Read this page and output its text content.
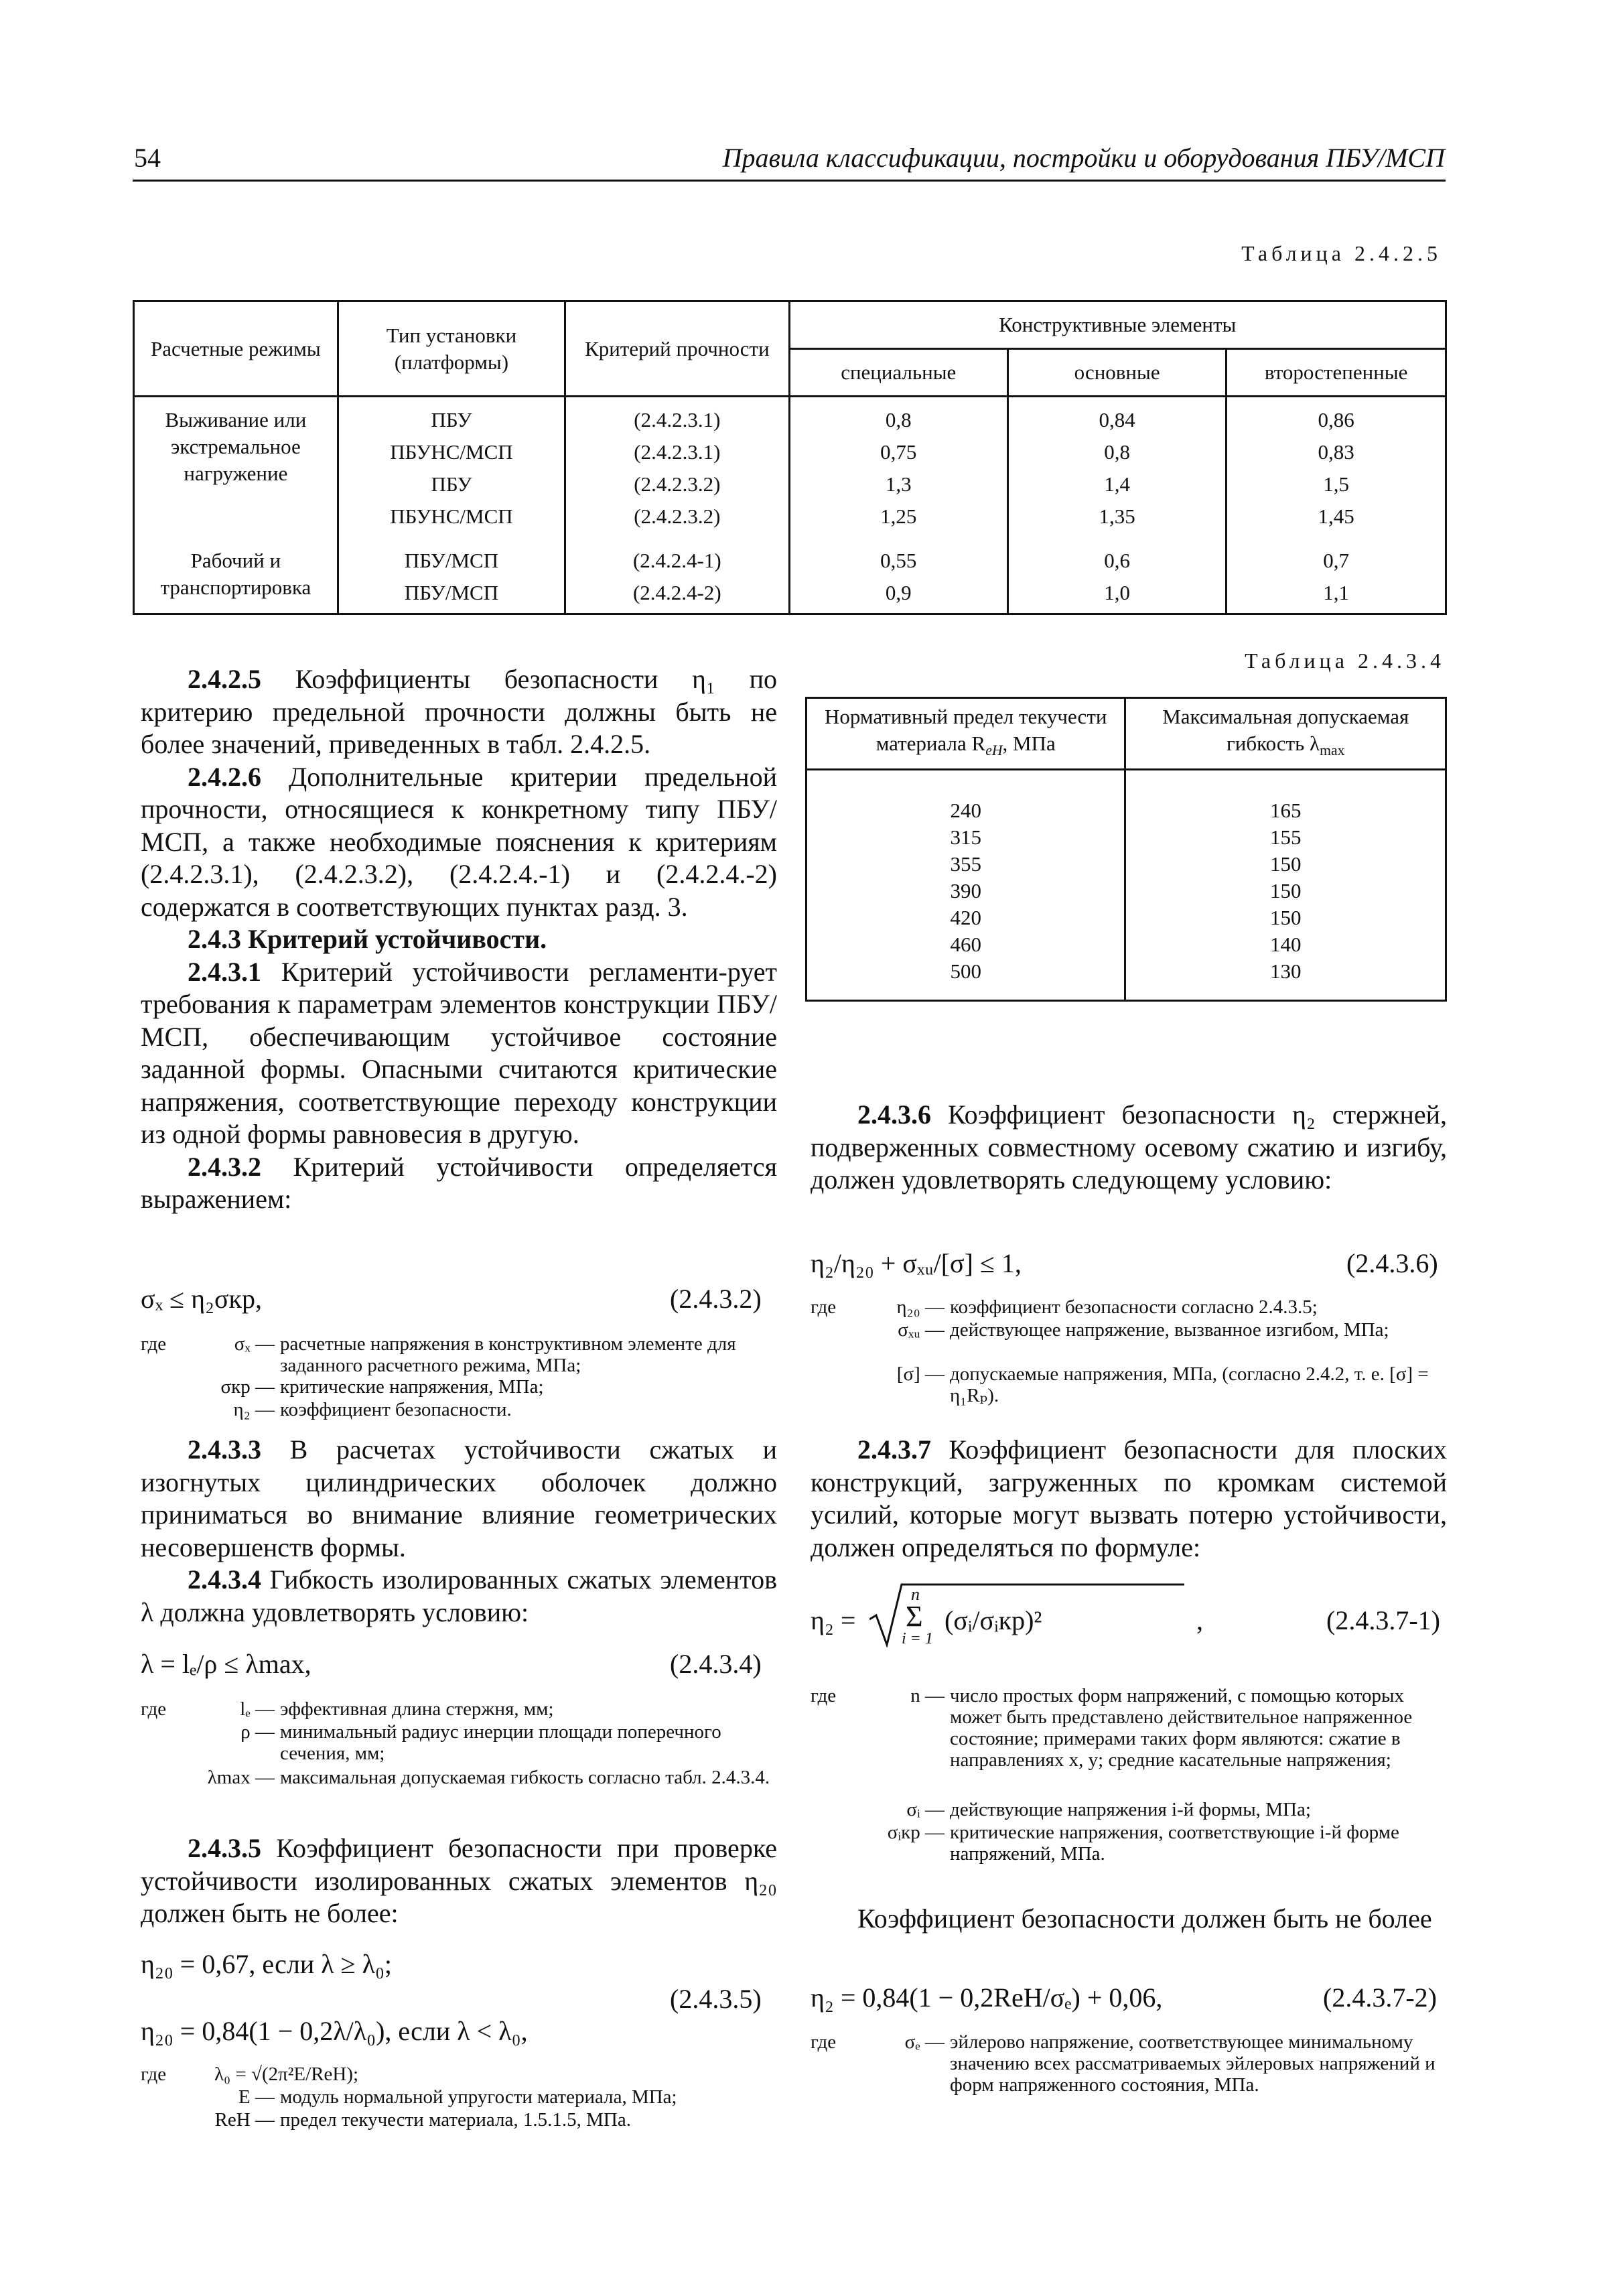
54	Правила классификации, постройки и оборудования ПБУ/МСП
Таблица 2.4.2.5
Расчетные режимы	Тип установки (платформы)	Критерий прочности	Конструктивные элементы		
			специальные	основные	второстепенные
Выживание или экстремальное нагружение	ПБУ	(2.4.2.3.1)	0,8	0,84	0,86
	ПБУНС/МСП	(2.4.2.3.1)	0,75	0,8	0,83
	ПБУ	(2.4.2.3.2)	1,3	1,4	1,5
	ПБУНС/МСП	(2.4.2.3.2)	1,25	1,35	1,45

Рабочий и транспортировка	ПБУ/МСП	(2.4.2.4-1)	0,55	0,6	0,7
	ПБУ/МСП	(2.4.2.4-2)	0,9	1,0	1,1
Таблица 2.4.3.4
Нормативный предел текучести материала $R_{eH}$, МПа	Максимальная допускаемая гибкость $\lambda_{max}$
240	165
315	155
355	150
390	150
420	150
460	140
500	130

2.4.2.5 Коэффициенты безопасности η₁ по критерию предельной прочности должны быть не более значений, приведенных в табл. 2.4.2.5.

2.4.2.6 Дополнительные критерии предельной прочности, относящиеся к конкретному типу ПБУ/МСП, а также необходимые пояснения к критериям (2.4.2.3.1), (2.4.2.3.2), (2.4.2.4.-1) и (2.4.2.4.-2) содержатся в соответствующих пунктах разд. 3.

2.4.3 Критерий устойчивости.

2.4.3.1 Критерий устойчивости регламенти-рует требования к параметрам элементов конструкции ПБУ/МСП, обеспечивающим устойчивое состояние заданной формы. Опасными считаются критические напряжения, соответствующие переходу конструкции из одной формы равновесия в другую.

2.4.3.2 Критерий устойчивости определяется выражением:

σₓ ≤ η₂σкр,	(2.4.3.2)
где	σₓ — расчетные напряжения в конструктивном элементе для заданного расчетного режима, МПа;
σкр — критические напряжения, МПа;
η₂ — коэффициент безопасности.

2.4.3.3 В расчетах устойчивости сжатых и изогнутых цилиндрических оболочек должно приниматься во внимание влияние геометрических несовершенств формы.

2.4.3.4 Гибкость изолированных сжатых элементов λ должна удовлетворять условию:

λ = lₑ/ρ ≤ λmax,	(2.4.3.4)
где	lₑ — эффективная длина стержня, мм;
ρ — минимальный радиус инерции площади поперечного сечения, мм;
λmax — максимальная допускаемая гибкость согласно табл. 2.4.3.4.

2.4.3.5 Коэффициент безопасности при проверке устойчивости изолированных сжатых элементов η₂₀ должен быть не более:

η₂₀ = 0,67, если λ ≥ λ₀;
(2.4.3.5)
η₂₀ = 0,84(1 − 0,2λ/λ₀), если λ < λ₀,
где λ₀ = √(2π²E/ReH);
E — модуль нормальной упругости материала, МПа;
ReH — предел текучести материала, 1.5.1.5, МПа.

2.4.3.6 Коэффициент безопасности η₂ стержней, подверженных совместному осевому сжатию и изгибу, должен удовлетворять следующему условию:

η₂/η₂₀ + σₓᵤ/[σ] ≤ 1,	(2.4.3.6)
где	η₂₀ — коэффициент безопасности согласно 2.4.3.5;
σₓᵤ — действующее напряжение, вызванное изгибом, МПа;
[σ] — допускаемые напряжения, МПа, (согласно 2.4.2, т. е. [σ] = η₁Rₚ).

2.4.3.7 Коэффициент безопасности для плоских конструкций, загруженных по кромкам системой усилий, которые могут вызвать потерю устойчивости, должен определяться по формуле:

η₂ =
n
Σ
i = 1
(σᵢ/σᵢкр)²	,	(2.4.3.7-1)
где	n — число простых форм напряжений, с помощью которых может быть представлено действительное напряженное состояние; примерами таких форм являются: сжатие в направлениях x, y; средние касательные напряжения;
σᵢ — действующие напряжения i-й формы, МПа;
σᵢкр — критические напряжения, соответствующие i-й форме напряжений, МПа.

Коэффициент безопасности должен быть не более

η₂ = 0,84(1 − 0,2ReH/σₑ) + 0,06,	(2.4.3.7-2)
где	σₑ — эйлерово напряжение, соответствующее минимальному значению всех рассматриваемых эйлеровых напряжений и форм напряженного состояния, МПа.
